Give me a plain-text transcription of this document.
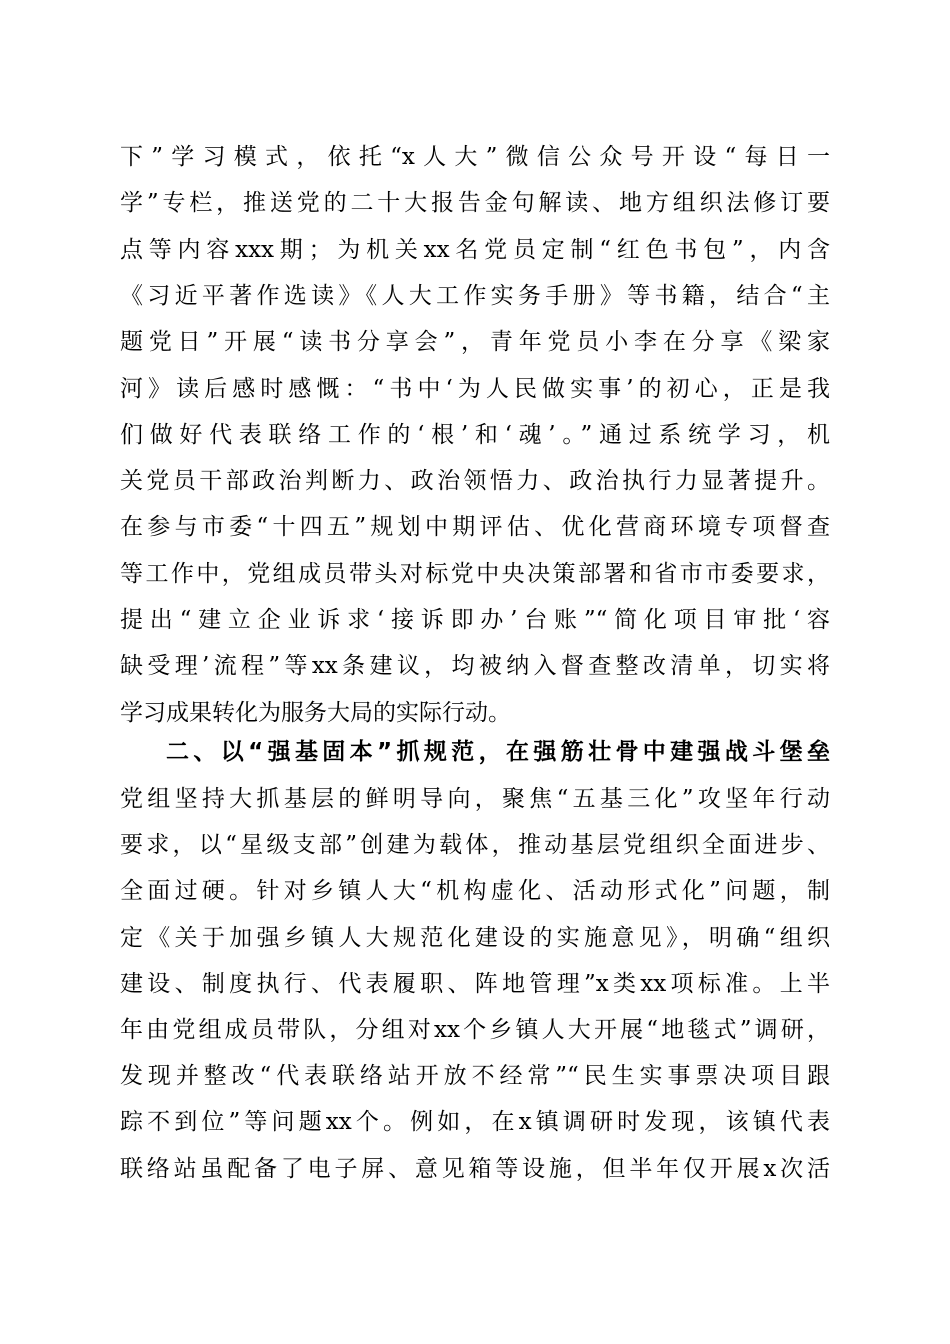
下”学习模式，依托“x人大”微信公众号开设“每日一
学”专栏，推送党的二十大报告金句解读、地方组织法修订要
点等内容xxx期；为机关xx名党员定制“红色书包”，内含
《习近平著作选读》《人大工作实务手册》等书籍，结合“主
题党日”开展“读书分享会”，青年党员小李在分享《梁家
河》读后感时感慨：“书中‘为人民做实事’的初心，正是我
们做好代表联络工作的‘根’和‘魂’。”通过系统学习，机
关党员干部政治判断力、政治领悟力、政治执行力显著提升。
在参与市委“十四五”规划中期评估、优化营商环境专项督查
等工作中，党组成员带头对标党中央决策部署和省市市委要求，
提出“建立企业诉求‘接诉即办’台账”“简化项目审批‘容
缺受理’流程”等xx条建议，均被纳入督查整改清单，切实将
学习成果转化为服务大局的实际行动。
二、以“强基固本”抓规范，在强筋壮骨中建强战斗堡垒
党组坚持大抓基层的鲜明导向，聚焦“五基三化”攻坚年行动
要求，以“星级支部”创建为载体，推动基层党组织全面进步、
全面过硬。针对乡镇人大“机构虚化、活动形式化”问题，制
定《关于加强乡镇人大规范化建设的实施意见》，明确“组织
建设、制度执行、代表履职、阵地管理”x类xx项标准。上半
年由党组成员带队，分组对xx个乡镇人大开展“地毯式”调研，
发现并整改“代表联络站开放不经常”“民生实事票决项目跟
踪不到位”等问题xx个。例如，在x镇调研时发现，该镇代表
联络站虽配备了电子屏、意见箱等设施，但半年仅开展x次活
